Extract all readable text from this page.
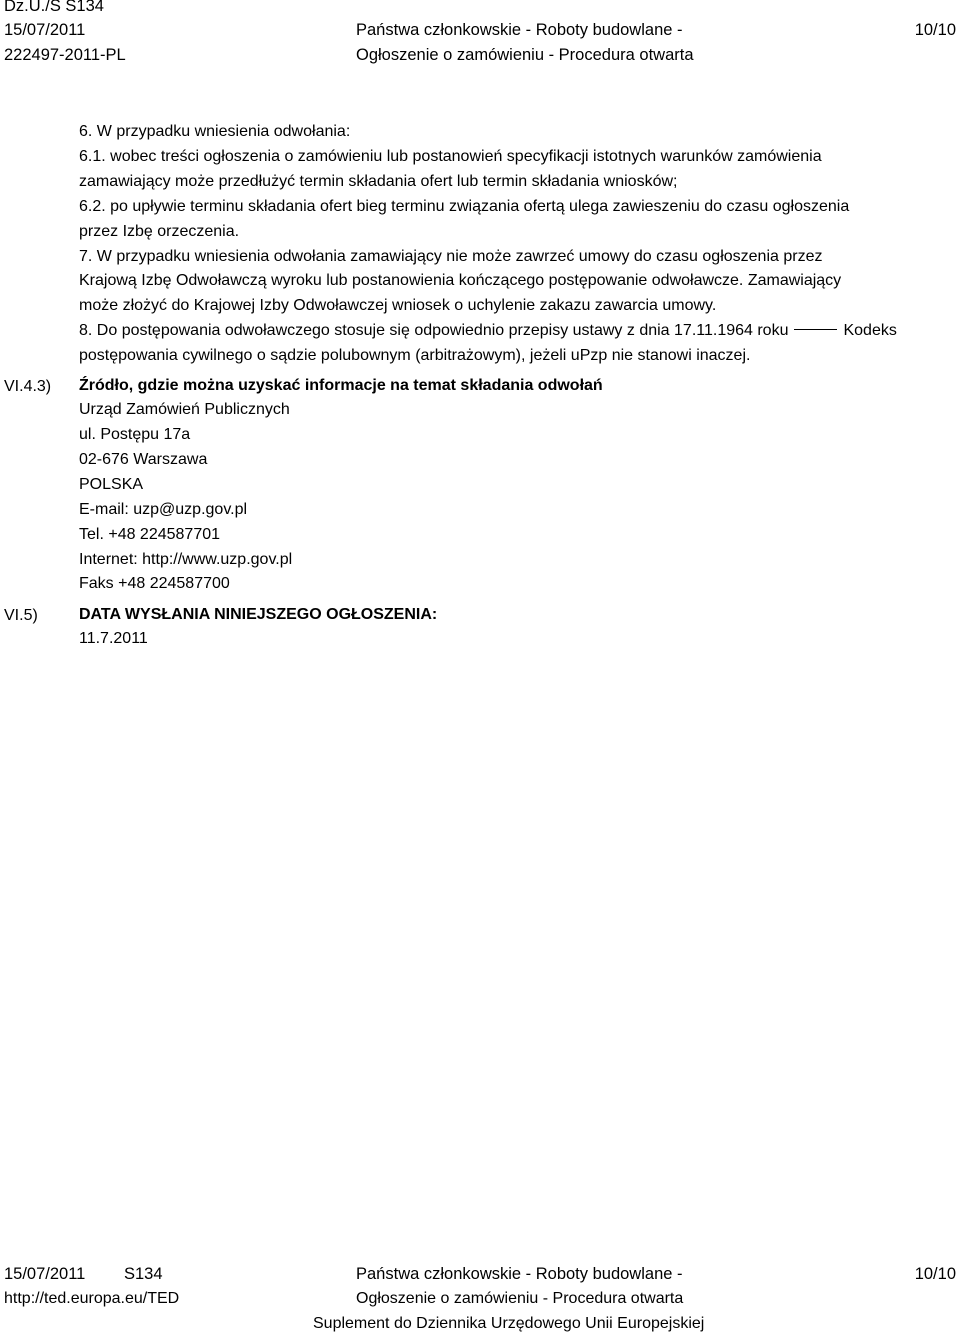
Dz.U./S S134
15/07/2011
222497-2011-PL
Państwa członkowskie - Roboty budowlane -
Ogłoszenie o zamówieniu - Procedura otwarta
10/10
6. W przypadku wniesienia odwołania:
6.1. wobec treści ogłoszenia o zamówieniu lub postanowień specyfikacji istotnych warunków zamówienia
zamawiający może przedłużyć termin składania ofert lub termin składania wniosków;
6.2. po upływie terminu składania ofert bieg terminu związania ofertą ulega zawieszeniu do czasu ogłoszenia
przez Izbę orzeczenia.
7. W przypadku wniesienia odwołania zamawiający nie może zawrzeć umowy do czasu ogłoszenia przez
Krajową Izbę Odwoławczą wyroku lub postanowienia kończącego postępowanie odwoławcze. Zamawiający
może złożyć do Krajowej Izby Odwoławczej wniosek o uchylenie zakazu zawarcia umowy.
8. Do postępowania odwoławczego stosuje się odpowiednio przepisy ustawy z dnia 17.11.1964 roku	Kodeks
postępowania cywilnego o sądzie polubownym (arbitrażowym), jeżeli uPzp nie stanowi inaczej.
VI.4.3) Źródło, gdzie można uzyskać informacje na temat składania odwołań
Urząd Zamówień Publicznych
ul. Postępu 17a
02-676 Warszawa
POLSKA
E-mail: uzp@uzp.gov.pl
Tel. +48 224587701
Internet: http://www.uzp.gov.pl
Faks +48 224587700
VI.5)	DATA WYSŁANIA NINIEJSZEGO OGŁOSZENIA:
11.7.2011
15/07/2011 S134
http://ted.europa.eu/TED
Państwa członkowskie - Roboty budowlane -
Ogłoszenie o zamówieniu - Procedura otwarta
Suplement do Dziennika Urzędowego Unii Europejskiej
10/10
